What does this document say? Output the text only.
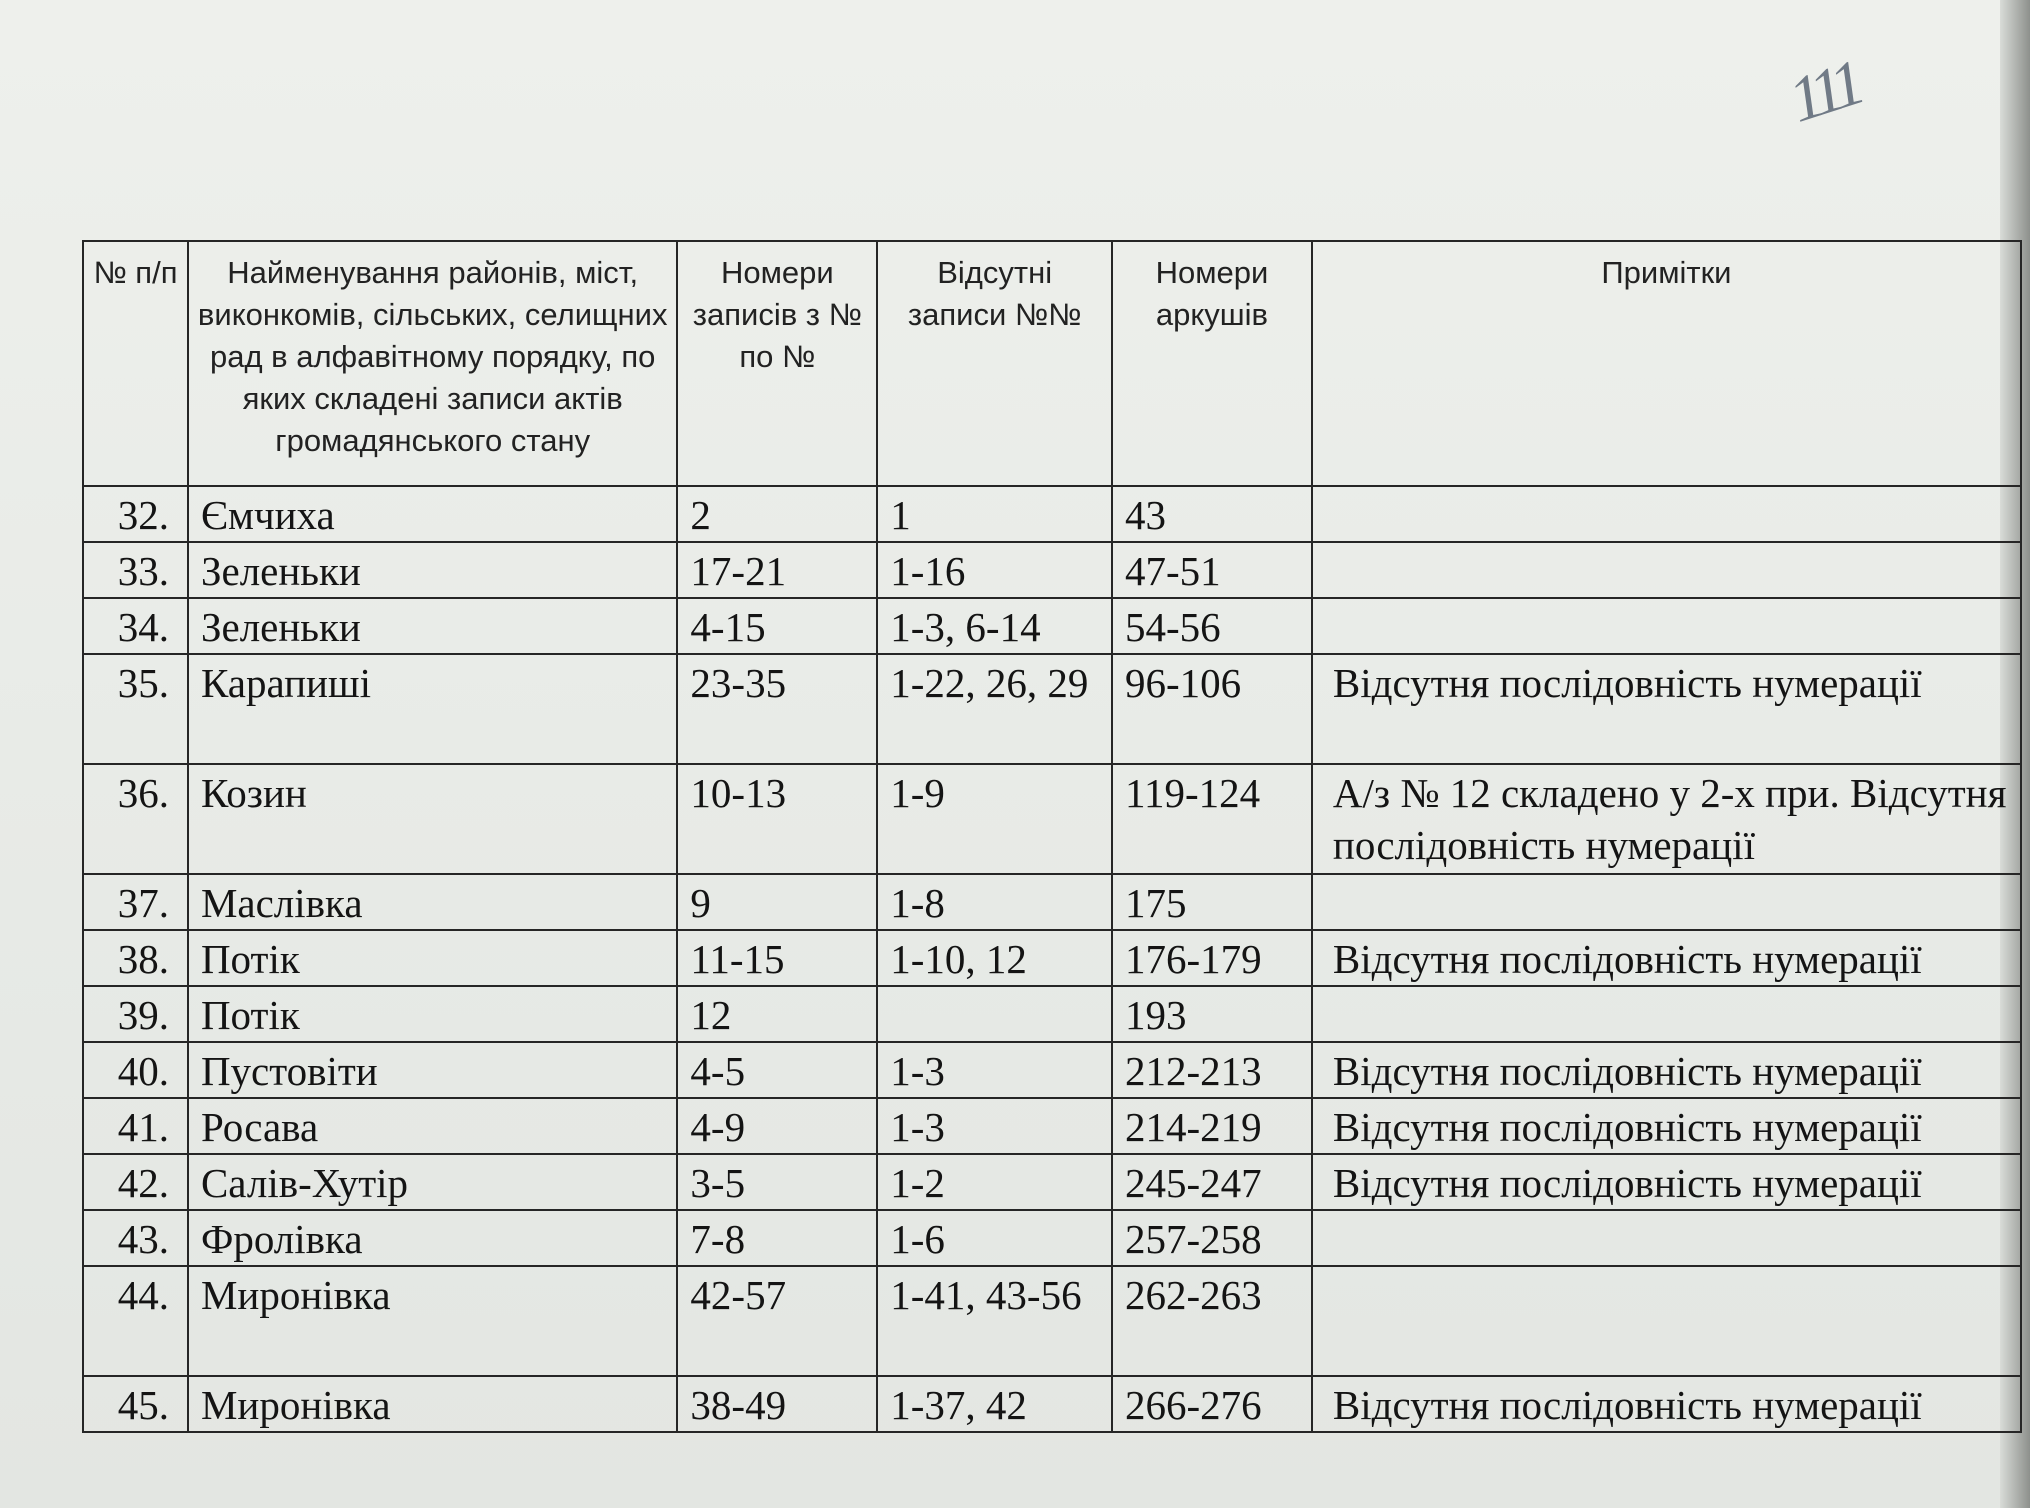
111
№ п/п	Найменування районів, міст, виконкомів, сільських, селищних рад в алфавітному порядку, по яких складені записи актів громадянського стану	Номери записів з № по №	Відсутні записи №№	Номери аркушів	Примітки
32.	Ємчиха	2	1	43	
33.	Зеленьки	17-21	1-16	47-51	
34.	Зеленьки	4-15	1-3, 6-14	54-56	
35.	Карапиші	23-35	1-22, 26, 29	96-106	Відсутня послідовність нумерації
36.	Козин	10-13	1-9	119-124	А/з № 12 складено у 2-х при. Відсутня послідовність нумерації
37.	Маслівка	9	1-8	175	
38.	Потік	11-15	1-10, 12	176-179	Відсутня послідовність нумерації
39.	Потік	12		193	
40.	Пустовіти	4-5	1-3	212-213	Відсутня послідовність нумерації
41.	Росава	4-9	1-3	214-219	Відсутня послідовність нумерації
42.	Салів-Хутір	3-5	1-2	245-247	Відсутня послідовність нумерації
43.	Фролівка	7-8	1-6	257-258	
44.	Миронівка	42-57	1-41, 43-56	262-263	
45.	Миронівка	38-49	1-37, 42	266-276	Відсутня послідовність нумерації
